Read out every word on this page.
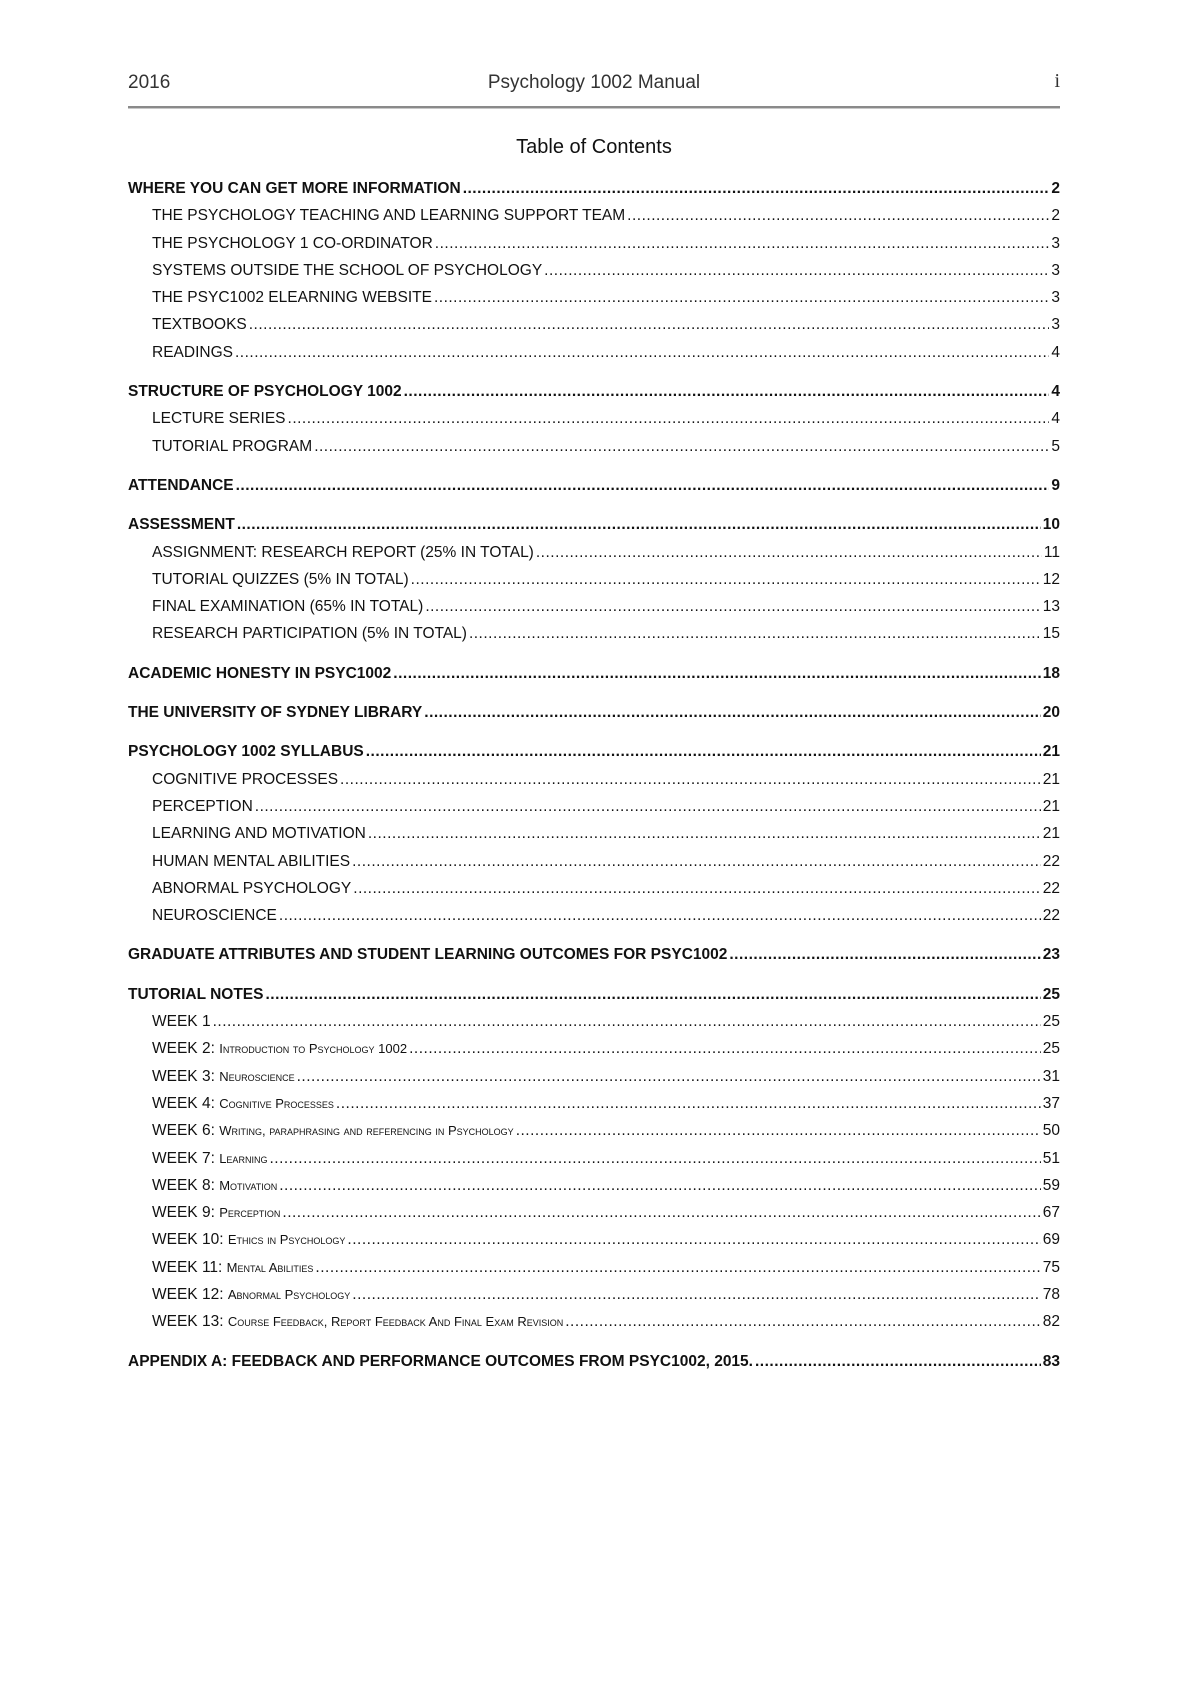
2016	Psychology 1002 Manual	i
Table of Contents
WHERE YOU CAN GET MORE INFORMATION .....	2
THE PSYCHOLOGY TEACHING AND LEARNING SUPPORT TEAM .....	2
THE PSYCHOLOGY 1 CO-ORDINATOR .....	3
SYSTEMS OUTSIDE THE SCHOOL OF PSYCHOLOGY .....	3
THE PSYC1002 ELEARNING WEBSITE .....	3
TEXTBOOKS .....	3
READINGS .....	4
STRUCTURE OF PSYCHOLOGY 1002 .....	4
LECTURE SERIES .....	4
TUTORIAL PROGRAM .....	5
ATTENDANCE .....	9
ASSESSMENT .....	10
ASSIGNMENT: RESEARCH REPORT (25% IN TOTAL) .....	11
TUTORIAL QUIZZES (5% IN TOTAL) .....	12
FINAL EXAMINATION (65% IN TOTAL) .....	13
RESEARCH PARTICIPATION (5% IN TOTAL) .....	15
ACADEMIC HONESTY IN PSYC1002 .....	18
THE UNIVERSITY OF SYDNEY LIBRARY .....	20
PSYCHOLOGY 1002 SYLLABUS .....	21
COGNITIVE PROCESSES .....	21
PERCEPTION .....	21
LEARNING AND MOTIVATION .....	21
HUMAN MENTAL ABILITIES .....	22
ABNORMAL PSYCHOLOGY .....	22
NEUROSCIENCE .....	22
GRADUATE ATTRIBUTES AND STUDENT LEARNING OUTCOMES FOR PSYC1002 .....	23
TUTORIAL NOTES .....	25
WEEK 1 .....	25
WEEK 2: Introduction to Psychology 1002 .....	25
WEEK 3: Neuroscience .....	31
WEEK 4: Cognitive Processes .....	37
WEEK 6: Writing, paraphrasing and referencing in Psychology .....	50
WEEK 7: Learning .....	51
WEEK 8: Motivation .....	59
WEEK 9: Perception .....	67
WEEK 10: Ethics in Psychology .....	69
WEEK 11: Mental Abilities .....	75
WEEK 12: Abnormal Psychology .....	78
WEEK 13: Course Feedback, Report Feedback And Final Exam Revision .....	82
APPENDIX A: FEEDBACK AND PERFORMANCE OUTCOMES FROM PSYC1002, 2015. .....	83
